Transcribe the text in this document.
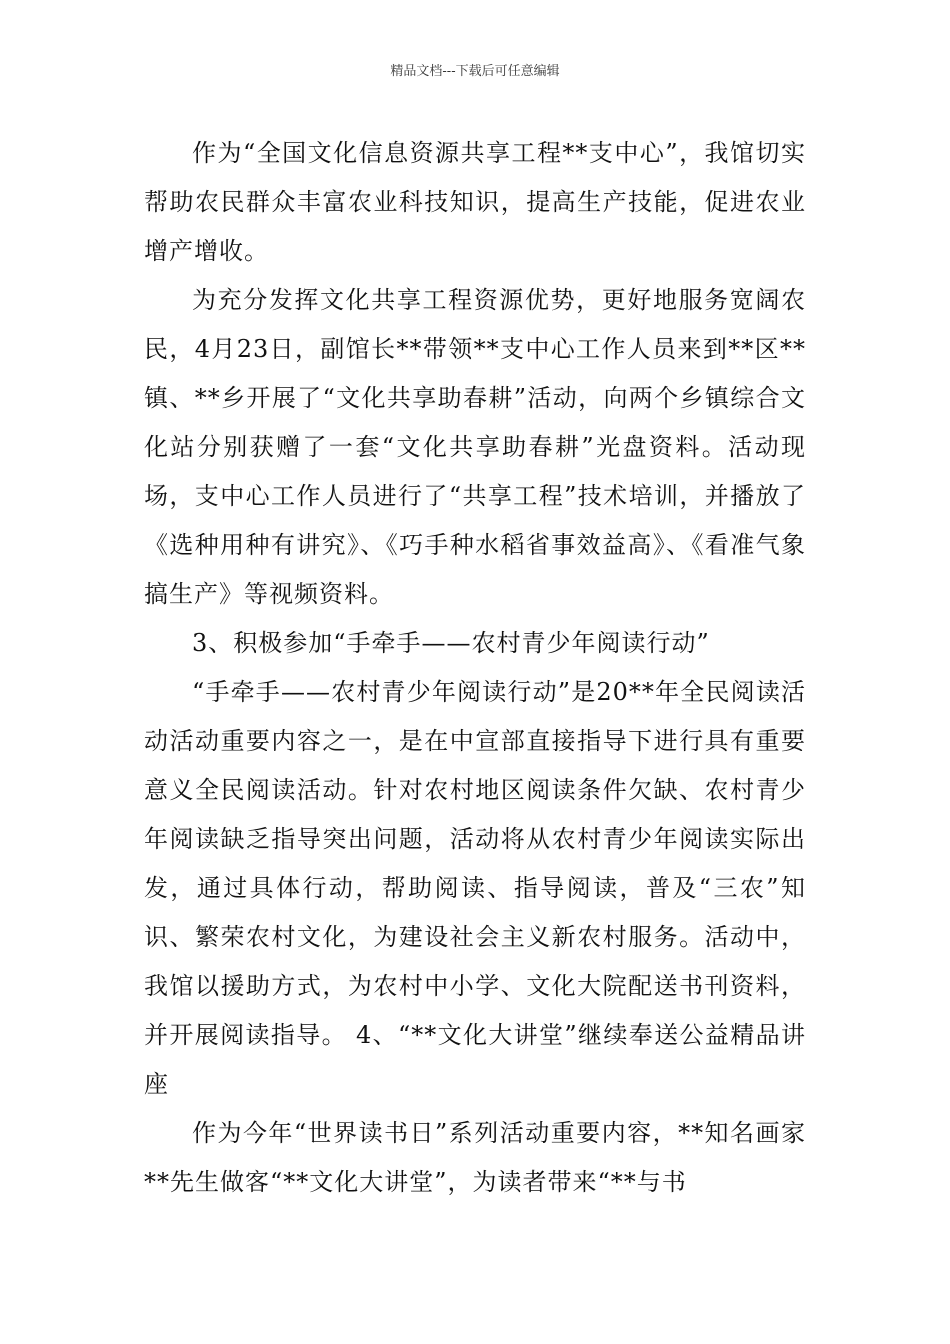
精品文档---下载后可任意编辑

作为“全国文化信息资源共享工程**支中心”，我馆切实帮助农民群众丰富农业科技知识，提高生产技能，促进农业增产增收。

为充分发挥文化共享工程资源优势，更好地服务宽阔农民，4月23日，副馆长**带领**支中心工作人员来到**区**镇、**乡开展了“文化共享助春耕”活动，向两个乡镇综合文化站分别获赠了一套“文化共享助春耕”光盘资料。活动现场，支中心工作人员进行了“共享工程”技术培训，并播放了《选种用种有讲究》、《巧手种水稻省事效益高》、《看准气象搞生产》等视频资料。

3、积极参加“手牵手——农村青少年阅读行动”

“手牵手——农村青少年阅读行动”是20**年全民阅读活动活动重要内容之一，是在中宣部直接指导下进行具有重要意义全民阅读活动。针对农村地区阅读条件欠缺、农村青少年阅读缺乏指导突出问题，活动将从农村青少年阅读实际出发，通过具体行动，帮助阅读、指导阅读，普及“三农”知识、繁荣农村文化，为建设社会主义新农村服务。活动中，我馆以援助方式，为农村中小学、文化大院配送书刊资料，并开展阅读指导。 4、“**文化大讲堂”继续奉送公益精品讲座

作为今年“世界读书日”系列活动重要内容，**知名画家**先生做客“**文化大讲堂”，为读者带来“**与书
